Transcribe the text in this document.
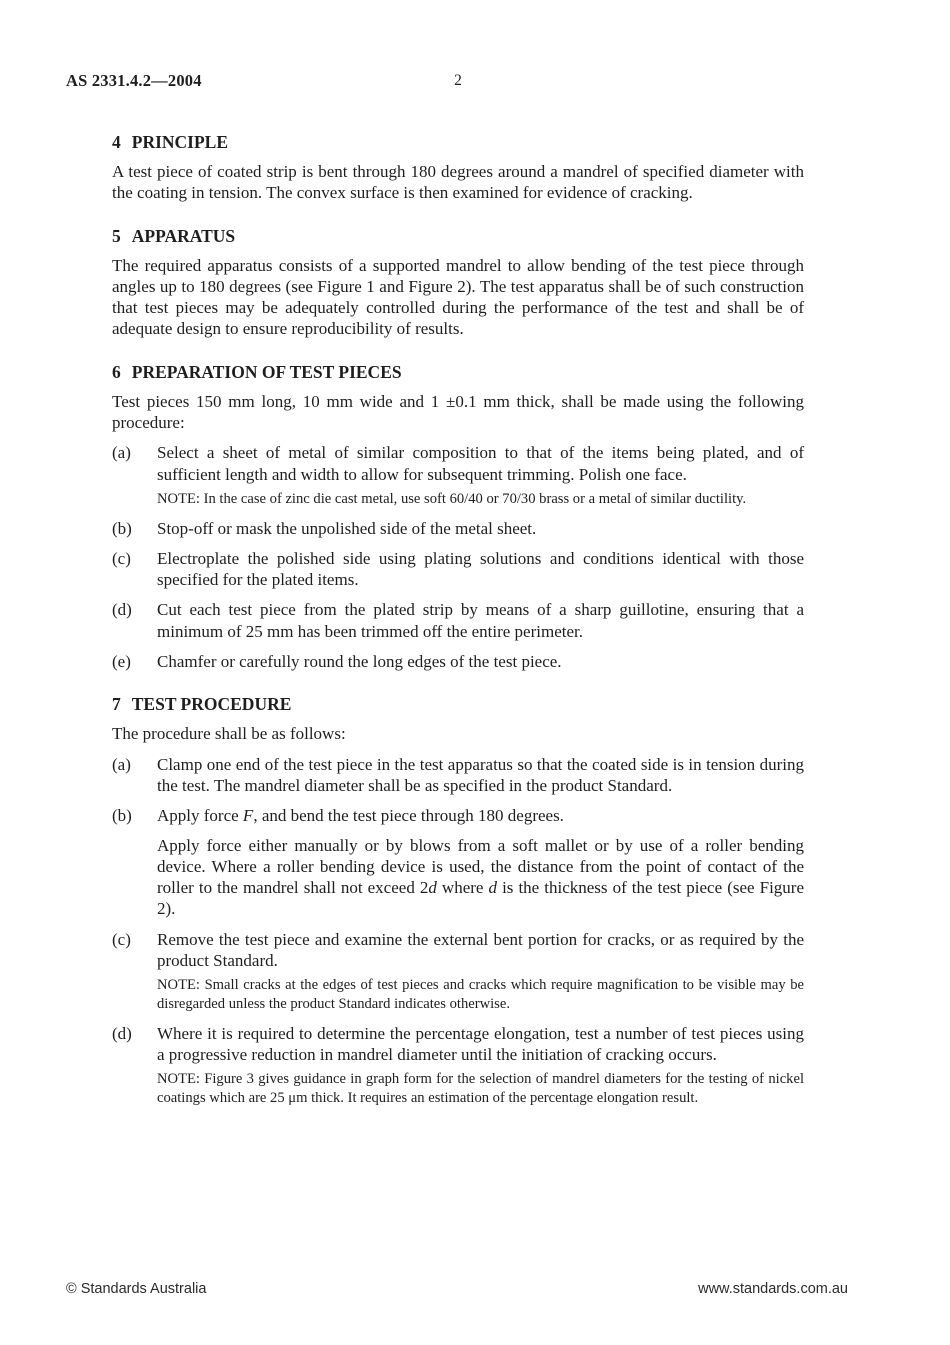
AS 2331.4.2—2004	2
4 PRINCIPLE

A test piece of coated strip is bent through 180 degrees around a mandrel of specified diameter with the coating in tension. The convex surface is then examined for evidence of cracking.

5 APPARATUS

The required apparatus consists of a supported mandrel to allow bending of the test piece through angles up to 180 degrees (see Figure 1 and Figure 2). The test apparatus shall be of such construction that test pieces may be adequately controlled during the performance of the test and shall be of adequate design to ensure reproducibility of results.

6 PREPARATION OF TEST PIECES

Test pieces 150 mm long, 10 mm wide and 1 ±0.1 mm thick, shall be made using the following procedure:

(a) Select a sheet of metal of similar composition to that of the items being plated, and of sufficient length and width to allow for subsequent trimming. Polish one face.
NOTE: In the case of zinc die cast metal, use soft 60/40 or 70/30 brass or a metal of similar ductility.
(b) Stop-off or mask the unpolished side of the metal sheet.
(c) Electroplate the polished side using plating solutions and conditions identical with those specified for the plated items.
(d) Cut each test piece from the plated strip by means of a sharp guillotine, ensuring that a minimum of 25 mm has been trimmed off the entire perimeter.
(e) Chamfer or carefully round the long edges of the test piece.
7 TEST PROCEDURE

The procedure shall be as follows:

(a) Clamp one end of the test piece in the test apparatus so that the coated side is in tension during the test. The mandrel diameter shall be as specified in the product Standard.
(b) Apply force F, and bend the test piece through 180 degrees.
Apply force either manually or by blows from a soft mallet or by use of a roller bending device. Where a roller bending device is used, the distance from the point of contact of the roller to the mandrel shall not exceed 2d where d is the thickness of the test piece (see Figure 2).
(c) Remove the test piece and examine the external bent portion for cracks, or as required by the product Standard.
NOTE: Small cracks at the edges of test pieces and cracks which require magnification to be visible may be disregarded unless the product Standard indicates otherwise.
(d) Where it is required to determine the percentage elongation, test a number of test pieces using a progressive reduction in mandrel diameter until the initiation of cracking occurs.
NOTE: Figure 3 gives guidance in graph form for the selection of mandrel diameters for the testing of nickel coatings which are 25 μm thick. It requires an estimation of the percentage elongation result.
© Standards Australia	www.standards.com.au
